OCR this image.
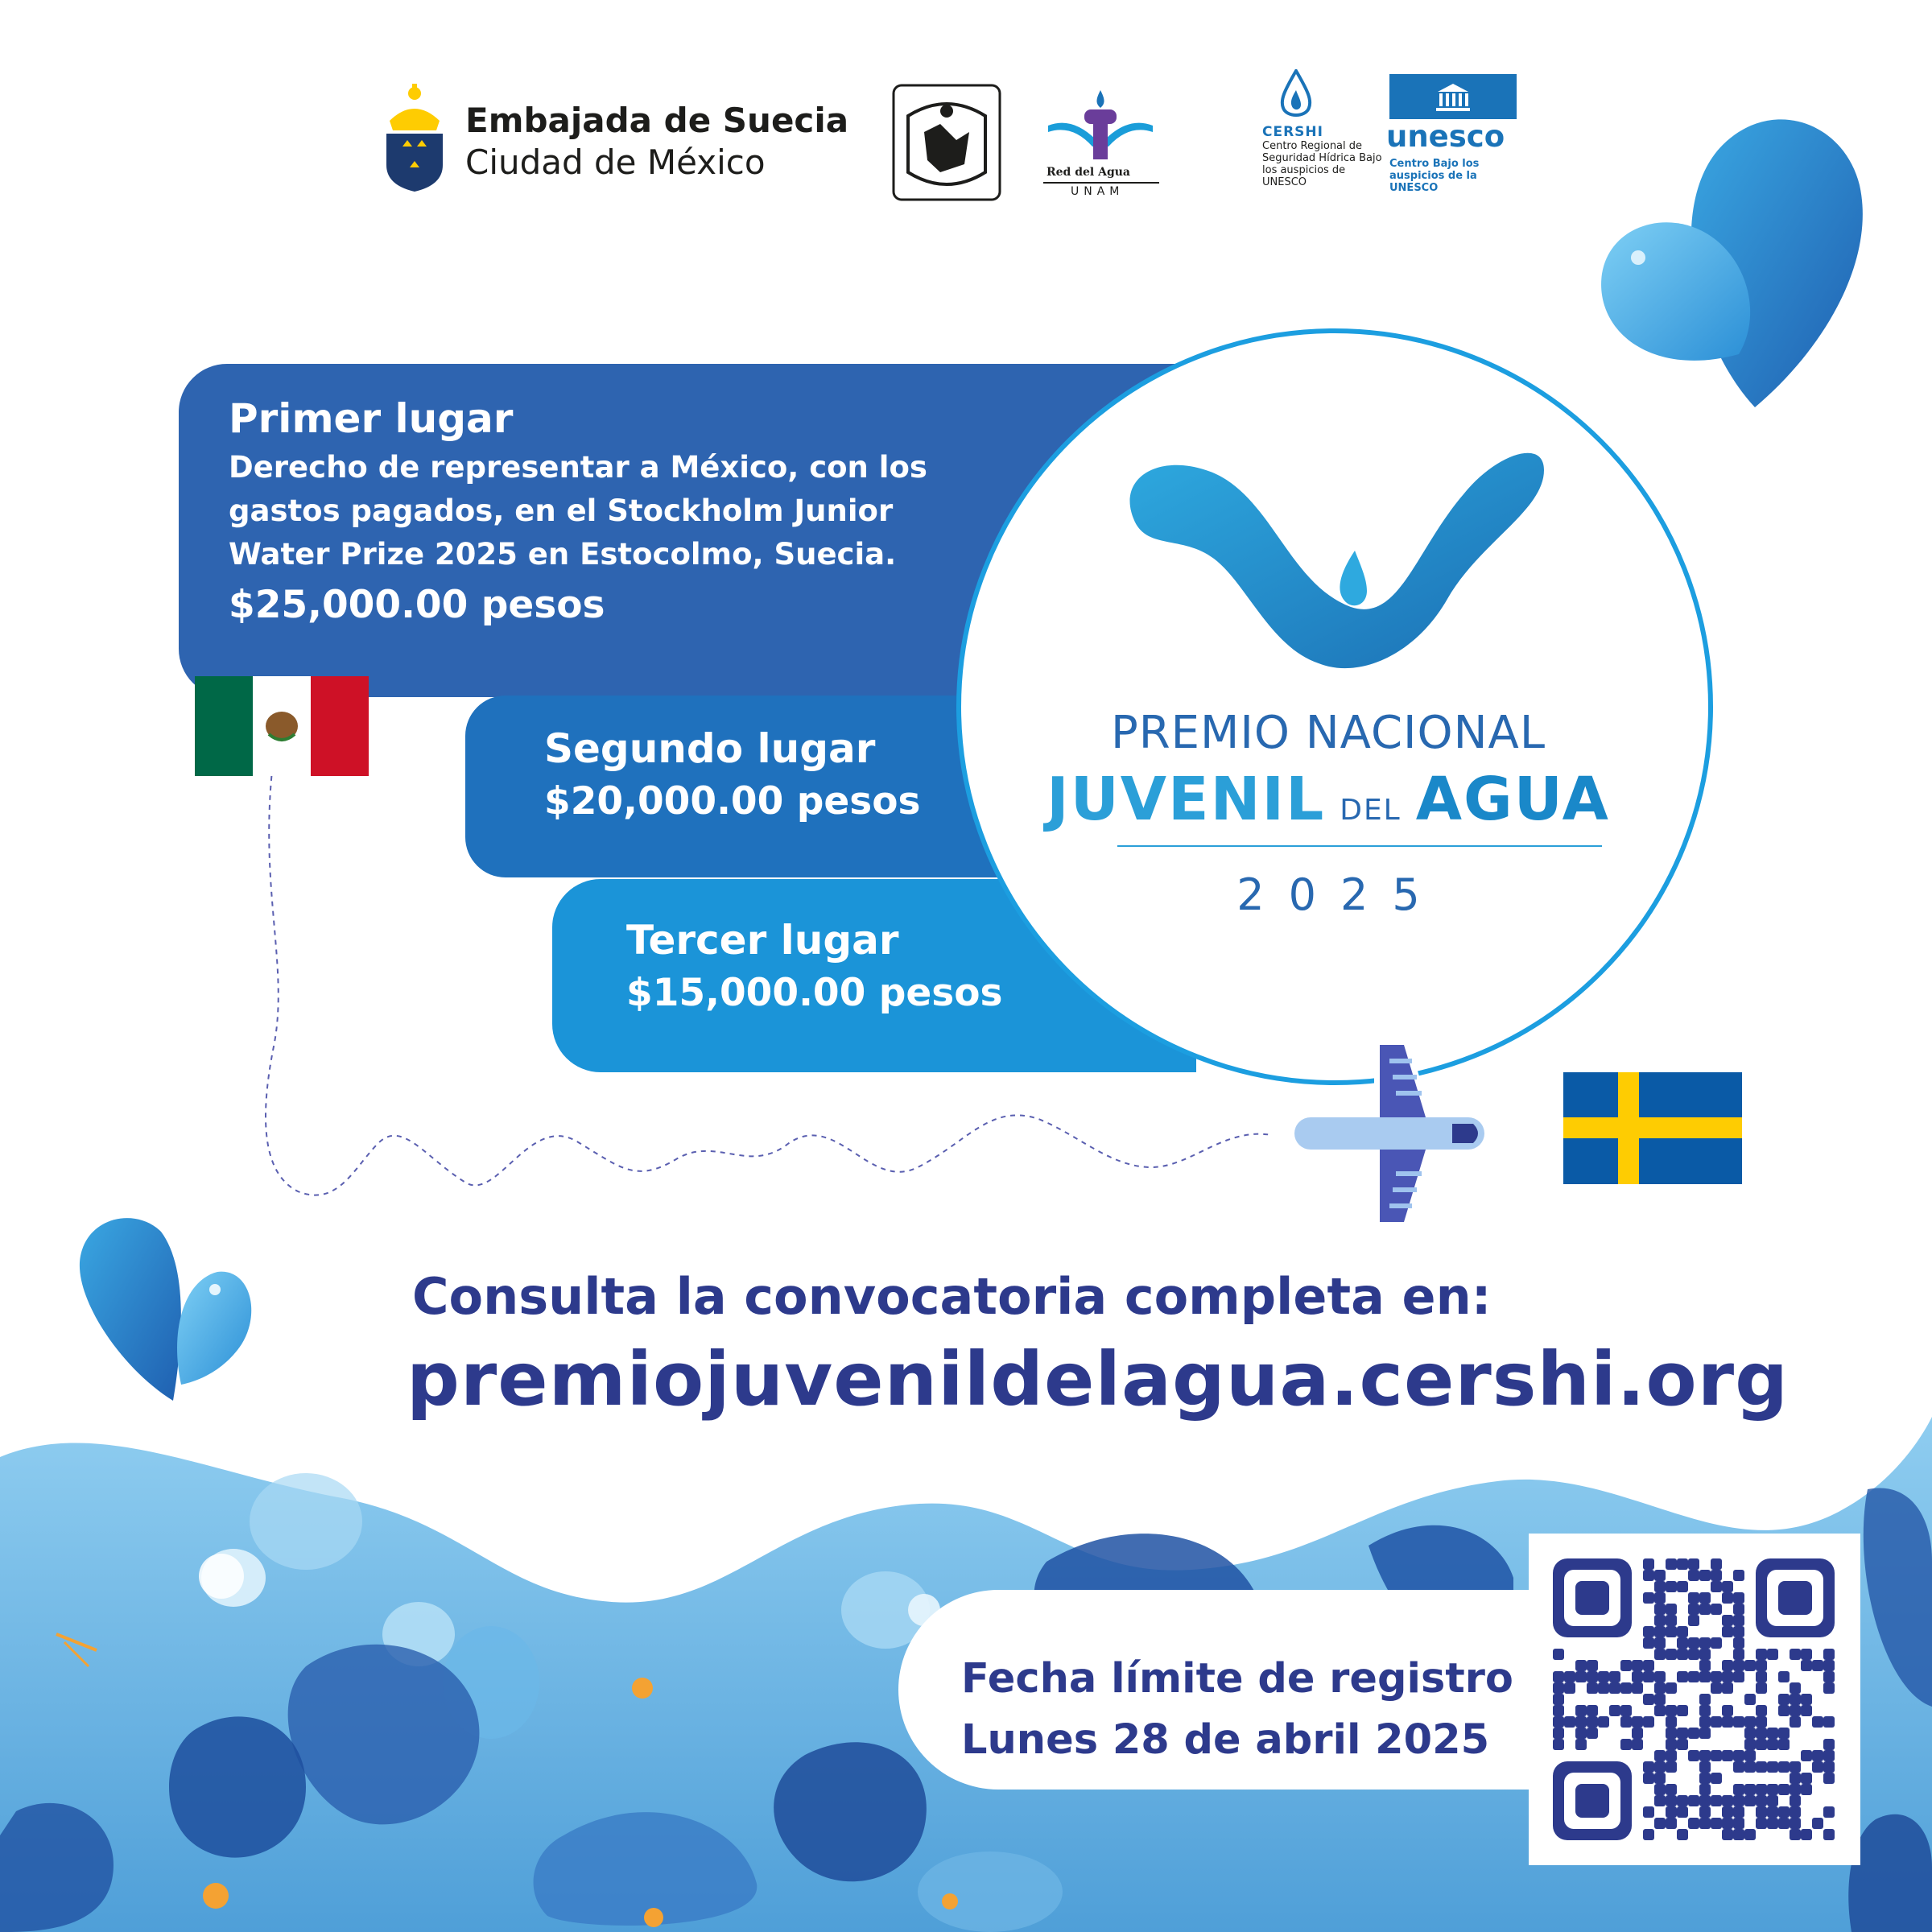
Embajada de Suecia
Ciudad de México	Red del Agua
UNAM
CERSHI
Centro Regional de Seguridad Hídrica Bajo los auspicios de UNESCO
unesco
Centro Bajo los auspicios de la UNESCO
Primer lugar
Derecho de representar a México, con los gastos pagados, en el Stockholm Junior Water Prize 2025 en Estocolmo, Suecia.
$25,000.00 pesos
Segundo lugar
$20,000.00 pesos
Tercer lugar
$15,000.00 pesos
PREMIO NACIONAL
JUVENIL DEL AGUA
2025
Consulta la convocatoria completa en:
premiojuvenildelagua.cershi.org
Fecha límite de registro
Lunes 28 de abril 2025
